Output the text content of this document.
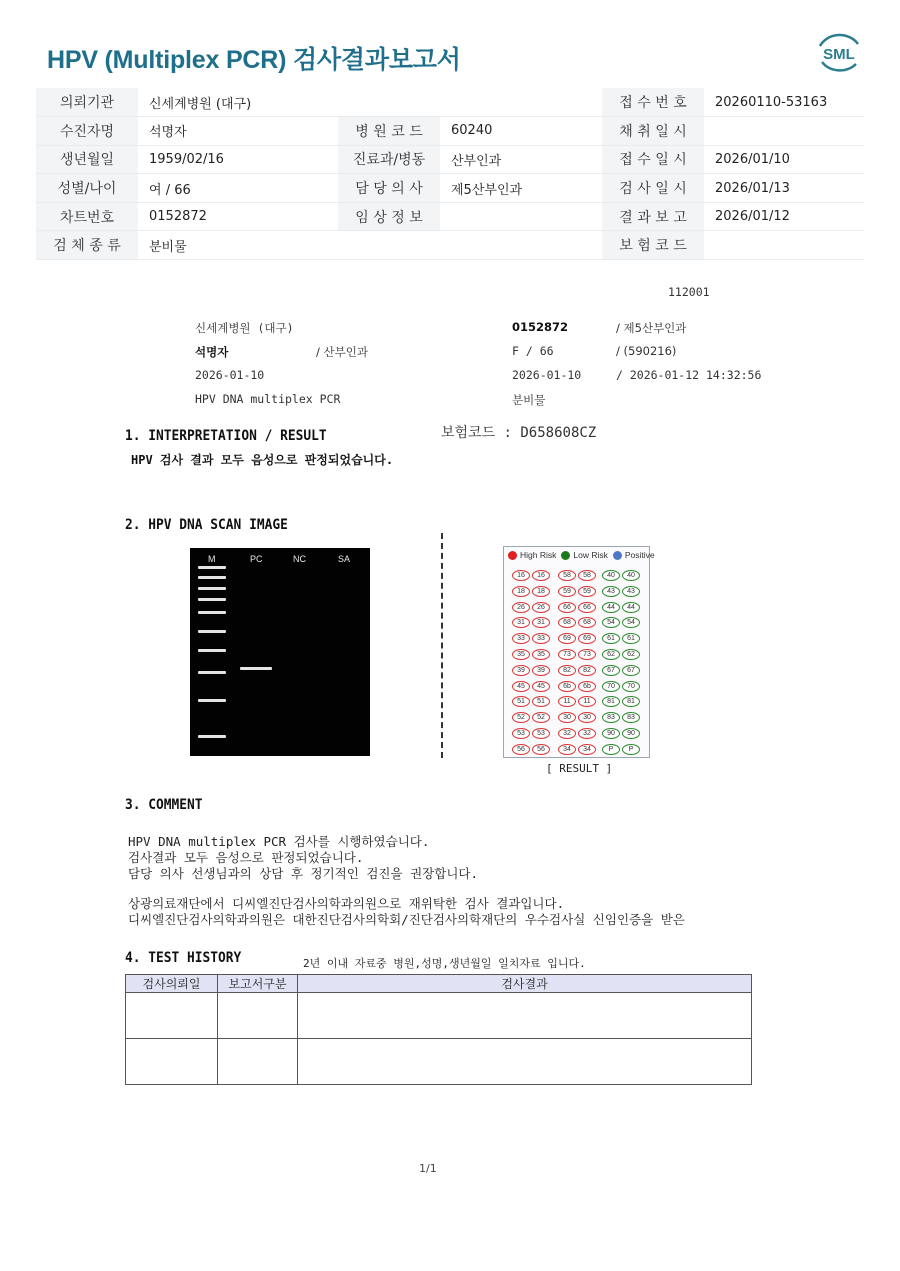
HPV (Multiplex PCR) 검사결과보고서	SML
의뢰기관	신세계병원 (대구)			접 수 번 호	20260110-53163
수진자명	석명자	병 원 코 드	60240	채 취 일 시	
생년월일	1959/02/16	진료과/병동	산부인과	접 수 일 시	2026/01/10
성별/나이	여 / 66	담 당 의 사	제5산부인과	검 사 일 시	2026/01/13
차트번호	0152872	임 상 정 보		결 과 보 고	2026/01/12
검 체 종 류	분비물			보 험 코 드	
112001
신세계병원 (대구)	0152872	/ 제5산부인과
석명자	/ 산부인과	F / 66	/ (590216)
2026-01-10	2026-01-10	/ 2026-01-12 14:32:56
HPV DNA multiplex PCR	분비물
1. INTERPRETATION / RESULT	보험코드 : D658608CZ
HPV 검사 결과 모두 음성으로 판정되었습니다.
2. HPV DNA SCAN IMAGE
M	PC	NC	SA	High Risk Low Risk Positive
16	16
18	18
26	26
31	31
33	33
35	35
39	39
45	45
51	51
52	52
53	53
56	56
58	58
59	59
66	66
68	68
69	69
73	73
82	82
6b	6b
11	11
30	30
32	32
34	34
40	40
43	43
44	44
54	54
61	61
62	62
67	67
70	70
81	81
83	83
90	90
P	P
[ RESULT ]
3. COMMENT
HPV DNA multiplex PCR 검사를 시행하였습니다.
검사결과 모두 음성으로 판정되었습니다.
담당 의사 선생님과의 상담 후 정기적인 검진을 권장합니다.
상광의료재단에서 디씨엘진단검사의학과의원으로 재위탁한 검사 결과입니다.
디씨엘진단검사의학과의원은 대한진단검사의학회/진단검사의학재단의 우수검사실 신임인증을 받은
4. TEST HISTORY	2년 이내 자료중 병원,성명,생년월일 일치자료 입니다.
검사의뢰일	보고서구분	검사결과

1/1
